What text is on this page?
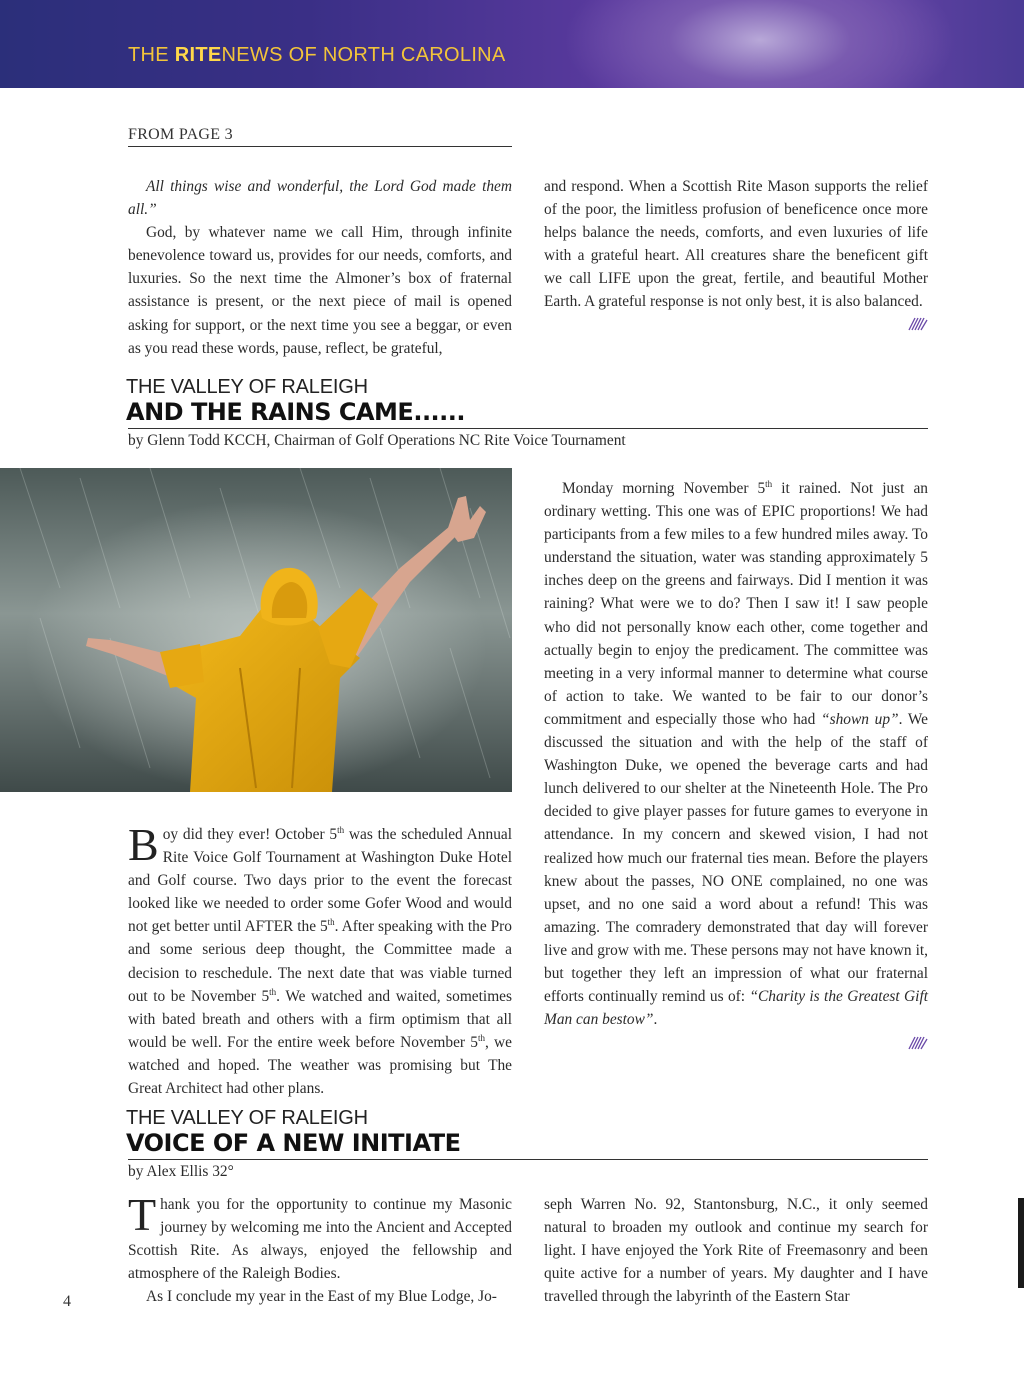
THE RITENEWS OF NORTH CAROLINA
FROM PAGE 3

All things wise and wonderful, the Lord God made them all.”

God, by whatever name we call Him, through infinite benevolence toward us, provides for our needs, comforts, and luxuries. So the next time the Almoner’s box of fraternal assistance is present, or the next piece of mail is opened asking for support, or the next time you see a beggar, or even as you read these words, pause, reflect, be grateful,

and respond. When a Scottish Rite Mason supports the relief of the poor, the limitless profusion of beneficence once more helps balance the needs, comforts, and even luxuries of life with a grateful heart. All creatures share the beneficent gift we call LIFE upon the great, fertile, and beautiful Mother Earth. A grateful response is not only best, it is also balanced.

THE VALLEY OF RALEIGH
AND THE RAINS CAME......
by Glenn Todd KCCH, Chairman of Golf Operations NC Rite Voice Tournament

Boy did they ever! October 5th was the scheduled Annual Rite Voice Golf Tournament at Washington Duke Hotel and Golf course. Two days prior to the event the forecast looked like we needed to order some Gofer Wood and would not get better until AFTER the 5th. After speaking with the Pro and some serious deep thought, the Committee made a decision to reschedule. The next date that was viable turned out to be November 5th. We watched and waited, sometimes with bated breath and others with a firm optimism that all would be well. For the entire week before November 5th, we watched and hoped. The weather was promising but The Great Architect had other plans.

Monday morning November 5th it rained. Not just an ordinary wetting. This one was of EPIC proportions! We had participants from a few miles to a few hundred miles away. To understand the situation, water was standing approximately 5 inches deep on the greens and fairways. Did I mention it was raining? What were we to do? Then I saw it! I saw people who did not personally know each other, come together and actually begin to enjoy the predicament. The committee was meeting in a very informal manner to determine what course of action to take. We wanted to be fair to our donor’s commitment and especially those who had “shown up”. We discussed the situation and with the help of the staff of Washington Duke, we opened the beverage carts and had lunch delivered to our shelter at the Nineteenth Hole. The Pro decided to give player passes for future games to everyone in attendance. In my concern and skewed vision, I had not realized how much our fraternal ties mean. Before the players knew about the passes, NO ONE complained, no one was upset, and no one said a word about a refund! This was amazing. The comradery demonstrated that day will forever live and grow with me. These persons may not have known it, but together they left an impression of what our fraternal efforts continually remind us of: “Charity is the Greatest Gift Man can bestow”.

THE VALLEY OF RALEIGH
VOICE OF A NEW INITIATE
by Alex Ellis 32°

Thank you for the opportunity to continue my Masonic journey by welcoming me into the Ancient and Accepted Scottish Rite. As always, enjoyed the fellowship and atmosphere of the Raleigh Bodies.

As I conclude my year in the East of my Blue Lodge, Jo-

seph Warren No. 92, Stantonsburg, N.C., it only seemed natural to broaden my outlook and continue my search for light. I have enjoyed the York Rite of Freemasonry and been quite active for a number of years. My daughter and I have travelled through the labyrinth of the Eastern Star

4
